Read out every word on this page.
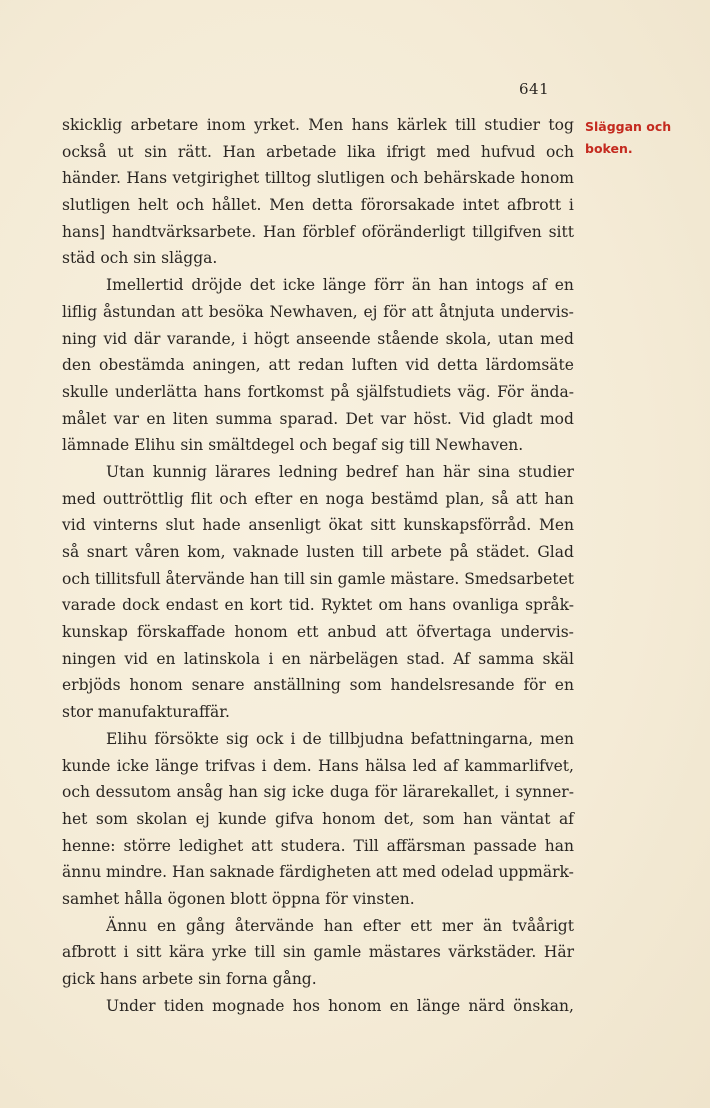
641
Släggan och
boken.
skicklig arbetare inom yrket. Men hans kärlek till studier tog
också ut sin rätt. Han arbetade lika ifrigt med hufvud och
händer. Hans vetgirighet tilltog slutligen och behärskade honom
slutligen helt och hållet. Men detta förorsakade intet afbrott i
hans] handtvärksarbete. Han förblef oföränderligt tillgifven sitt
städ och sin slägga.
Imellertid dröjde det icke länge förr än han intogs af en
liflig åstundan att besöka Newhaven, ej för att åtnjuta undervis-
ning vid där varande, i högt anseende stående skola, utan med
den obestämda aningen, att redan luften vid detta lärdomsäte
skulle underlätta hans fortkomst på själfstudiets väg. För ända-
målet var en liten summa sparad. Det var höst. Vid gladt mod
lämnade Elihu sin smältdegel och begaf sig till Newhaven.
Utan kunnig lärares ledning bedref han här sina studier
med outtröttlig flit och efter en noga bestämd plan, så att han
vid vinterns slut hade ansenligt ökat sitt kunskapsförråd. Men
så snart våren kom, vaknade lusten till arbete på städet. Glad
och tillitsfull återvände han till sin gamle mästare. Smedsarbetet
varade dock endast en kort tid. Ryktet om hans ovanliga språk-
kunskap förskaffade honom ett anbud att öfvertaga undervis-
ningen vid en latinskola i en närbelägen stad. Af samma skäl
erbjöds honom senare anställning som handelsresande för en
stor manufakturaffär.
Elihu försökte sig ock i de tillbjudna befattningarna, men
kunde icke länge trifvas i dem. Hans hälsa led af kammarlifvet,
och dessutom ansåg han sig icke duga för lärarekallet, i synner-
het som skolan ej kunde gifva honom det, som han väntat af
henne: större ledighet att studera. Till affärsman passade han
ännu mindre. Han saknade färdigheten att med odelad uppmärk-
samhet hålla ögonen blott öppna för vinsten.
Ännu en gång återvände han efter ett mer än tvåårigt
afbrott i sitt kära yrke till sin gamle mästares värkstäder. Här
gick hans arbete sin forna gång.
Under tiden mognade hos honom en länge närd önskan,
